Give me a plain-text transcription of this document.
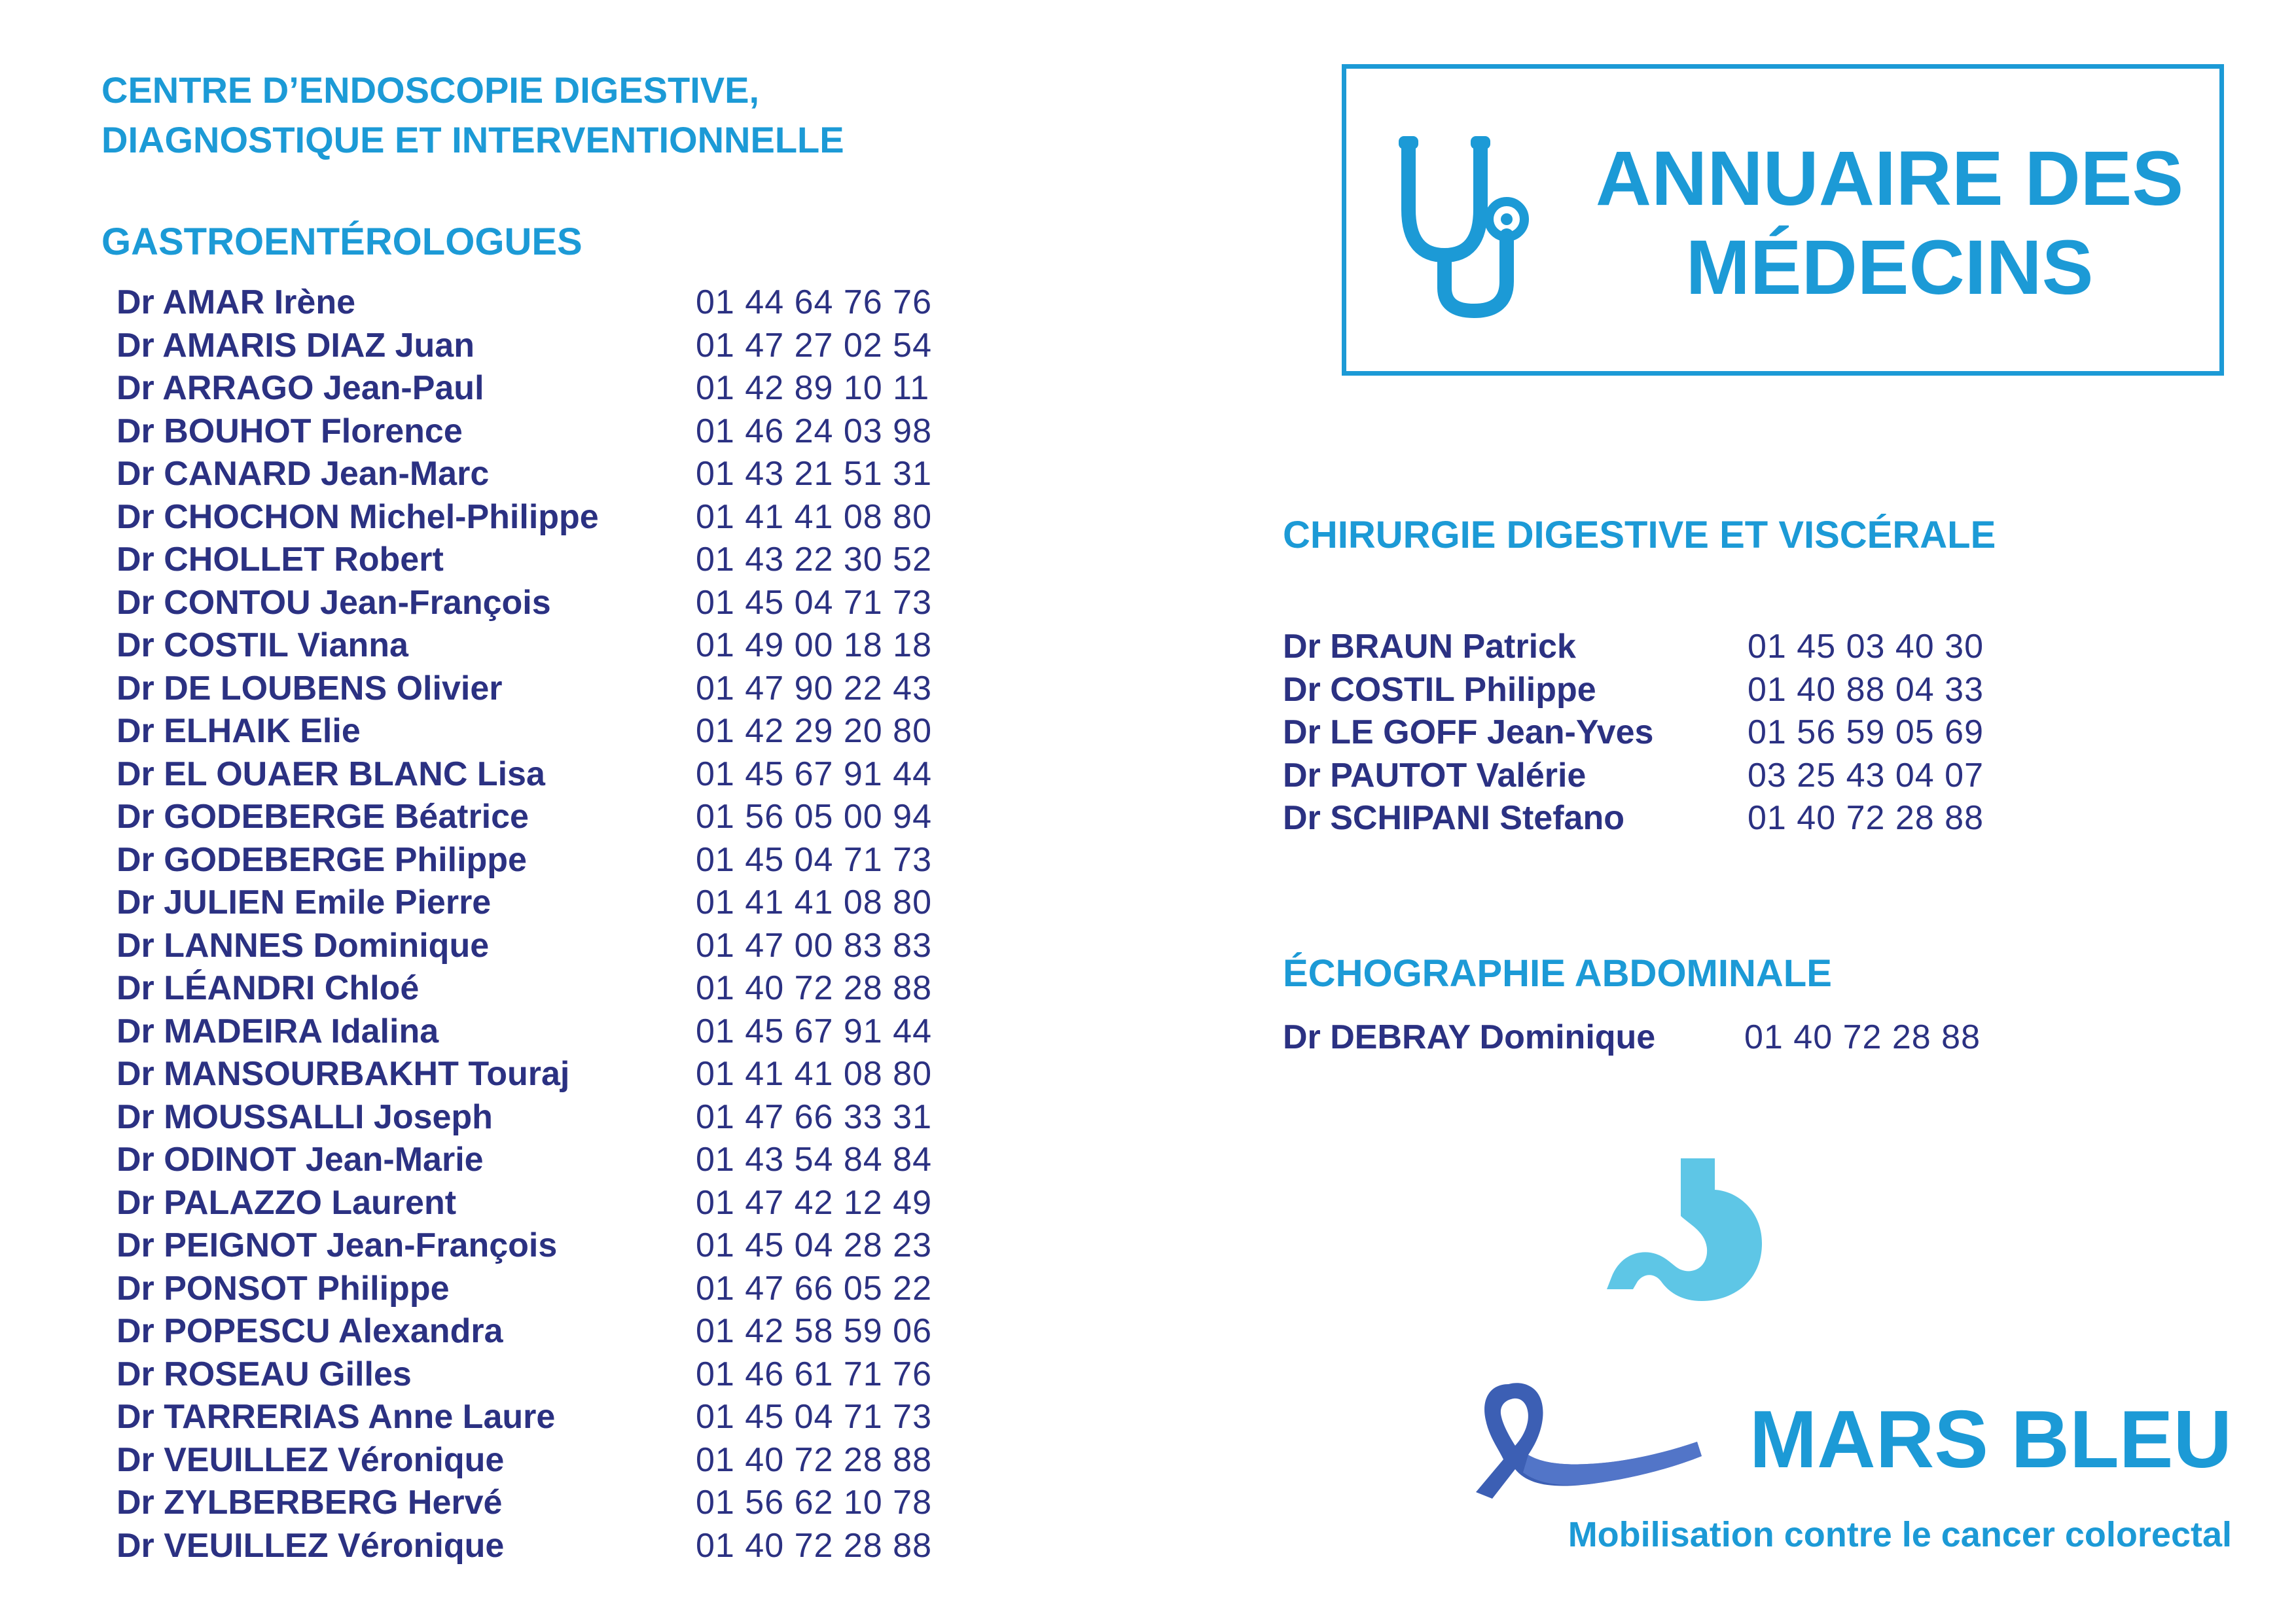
CENTRE D’ENDOSCOPIE DIGESTIVE,
DIAGNOSTIQUE ET INTERVENTIONNELLE
GASTROENTÉROLOGUES
Dr AMAR Irène	01 44 64 76 76
Dr AMARIS DIAZ Juan	01 47 27 02 54
Dr ARRAGO Jean-Paul	01 42 89 10 11
Dr BOUHOT Florence	01 46 24 03 98
Dr CANARD Jean-Marc	01 43 21 51 31
Dr CHOCHON Michel-Philippe	01 41 41 08 80
Dr CHOLLET Robert	01 43 22 30 52
Dr CONTOU Jean-François	01 45 04 71 73
Dr COSTIL Vianna	01 49 00 18 18
Dr DE LOUBENS Olivier	01 47 90 22 43
Dr ELHAIK Elie	01 42 29 20 80
Dr EL OUAER BLANC Lisa	01 45 67 91 44
Dr GODEBERGE Béatrice	01 56 05 00 94
Dr GODEBERGE Philippe	01 45 04 71 73
Dr JULIEN Emile Pierre	01 41 41 08 80
Dr LANNES Dominique	01 47 00 83 83
Dr LÉANDRI Chloé	01 40 72 28 88
Dr MADEIRA Idalina	01 45 67 91 44
Dr MANSOURBAKHT Touraj	01 41 41 08 80
Dr MOUSSALLI Joseph	01 47 66 33 31
Dr ODINOT Jean-Marie	01 43 54 84 84
Dr PALAZZO Laurent	01 47 42 12 49
Dr PEIGNOT Jean-François	01 45 04 28 23
Dr PONSOT Philippe	01 47 66 05 22
Dr POPESCU Alexandra	01 42 58 59 06
Dr ROSEAU Gilles	01 46 61 71 76
Dr TARRERIAS Anne Laure	01 45 04 71 73
Dr VEUILLEZ Véronique	01 40 72 28 88
Dr ZYLBERBERG Hervé	01 56 62 10 78
Dr VEUILLEZ Véronique	01 40 72 28 88
ANNUAIRE DES
MÉDECINS
CHIRURGIE DIGESTIVE ET VISCÉRALE
Dr BRAUN Patrick	01 45 03 40 30
Dr COSTIL Philippe	01 40 88 04 33
Dr LE GOFF Jean-Yves	01 56 59 05 69
Dr PAUTOT Valérie	03 25 43 04 07
Dr SCHIPANI Stefano	01 40 72 28 88
ÉCHOGRAPHIE ABDOMINALE
Dr DEBRAY Dominique	01 40 72 28 88
MARS BLEU

Mobilisation contre le cancer colorectal
